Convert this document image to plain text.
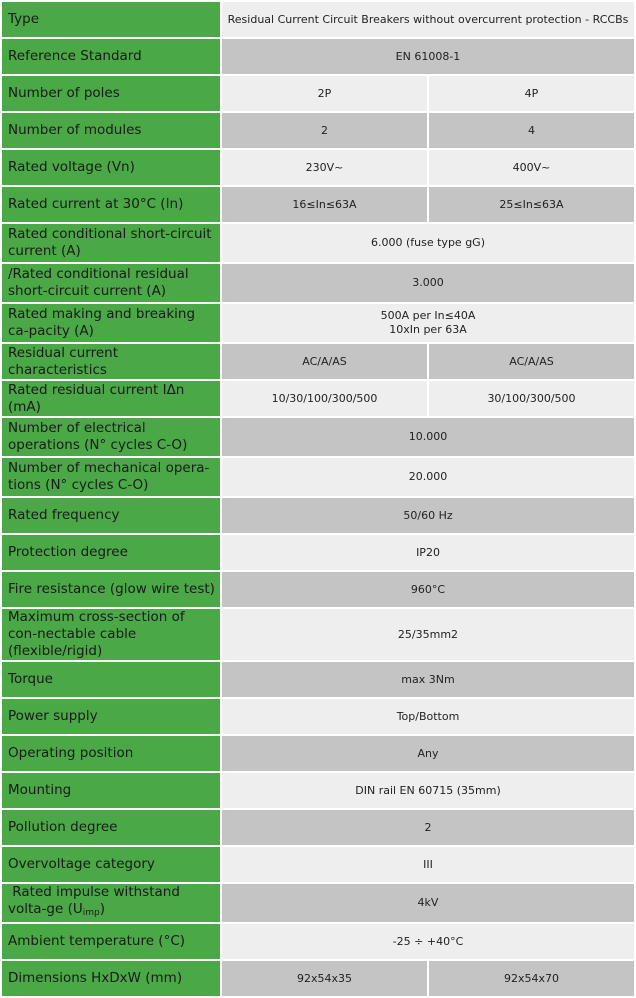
Type	Residual Current Circuit Breakers without overcurrent protection - RCCBs	
Reference Standard	EN 61008-1	
Number of poles	2P	4P
Number of modules	2	4
Rated voltage (Vn)	230V~	400V~
Rated current at 30°C (In)	16≤In≤63A	25≤In≤63A
Rated conditional short-circuit current (A)	6.000 (fuse type gG)	
/Rated conditional residual short-circuit current (A)	3.000	
Rated making and breaking ca-pacity (A)	500A per In≤40A
10xIn per 63A	

Residual current characteristics	AC/A/AS	AC/A/AS
Rated residual current IΔn (mA)	10/30/100/300/500	30/100/300/500
Number of electrical operations (N° cycles C-O)	10.000	
Number of mechanical opera-tions (N° cycles C-O)	20.000	
Rated frequency	50/60 Hz	
Protection degree	IP20	
Fire resistance (glow wire test)	960°C	
Maximum cross-section of con-nectable cable (flexible/rigid)	25/35mm2	
Torque	max 3Nm	
Power supply	Top/Bottom	
Operating position	Any	
Mounting	DIN rail EN 60715 (35mm)	
Pollution degree	2	
Overvoltage category	III	
Rated impulse withstand volta-ge $(U_{imp})$	4kV	
Ambient temperature (°C)	-25 ÷ +40°C	
Dimensions HxDxW (mm)	92x54x35	92x54x70
